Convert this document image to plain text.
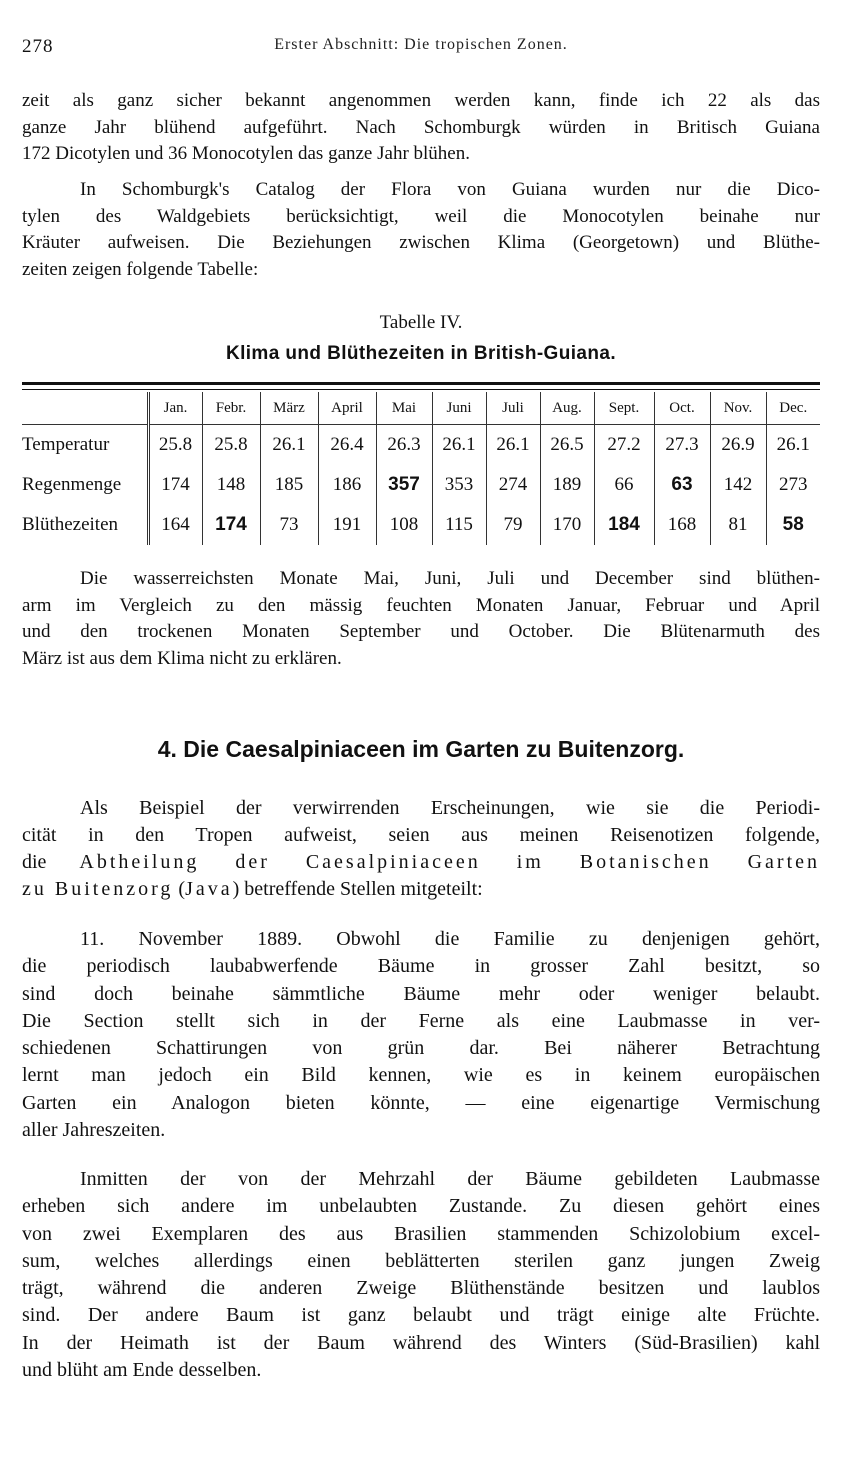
278	Erster Abschnitt: Die tropischen Zonen.
zeit als ganz sicher bekannt angenommen werden kann, finde ich 22 als das
ganze Jahr blühend aufgeführt. Nach Schomburgk würden in Britisch Guiana
172 Dicotylen und 36 Monocotylen das ganze Jahr blühen.
In Schomburgk's Catalog der Flora von Guiana wurden nur die Dico-
tylen des Waldgebiets berücksichtigt, weil die Monocotylen beinahe nur
Kräuter aufweisen. Die Beziehungen zwischen Klima (Georgetown) und Blüthe-
zeiten zeigen folgende Tabelle:
Tabelle IV.
Klima und Blüthezeiten in British-Guiana.
	Jan.	Febr.	März	April	Mai	Juni	Juli	Aug.	Sept.	Oct.	Nov.	Dec.
Temperatur	25.8	25.8	26.1	26.4	26.3	26.1	26.1	26.5	27.2	27.3	26.9	26.1
Regenmenge	174	148	185	186	357	353	274	189	66	63	142	273
Blüthezeiten	164	174	73	191	108	115	79	170	184	168	81	58
Die wasserreichsten Monate Mai, Juni, Juli und December sind blüthen-
arm im Vergleich zu den mässig feuchten Monaten Januar, Februar und April
und den trockenen Monaten September und October. Die Blütenarmuth des
März ist aus dem Klima nicht zu erklären.
4. Die Caesalpiniaceen im Garten zu Buitenzorg.
Als Beispiel der verwirrenden Erscheinungen, wie sie die Periodi-
cität in den Tropen aufweist, seien aus meinen Reisenotizen folgende,
die Abtheilung der Caesalpiniaceen im Botanischen Garten
zu Buitenzorg (Java) betreffende Stellen mitgeteilt:
11. November 1889. Obwohl die Familie zu denjenigen gehört,
die periodisch laubabwerfende Bäume in grosser Zahl besitzt, so
sind doch beinahe sämmtliche Bäume mehr oder weniger belaubt.
Die Section stellt sich in der Ferne als eine Laubmasse in ver-
schiedenen Schattirungen von grün dar. Bei näherer Betrachtung
lernt man jedoch ein Bild kennen, wie es in keinem europäischen
Garten ein Analogon bieten könnte, — eine eigenartige Vermischung
aller Jahreszeiten.
Inmitten der von der Mehrzahl der Bäume gebildeten Laubmasse
erheben sich andere im unbelaubten Zustande. Zu diesen gehört eines
von zwei Exemplaren des aus Brasilien stammenden Schizolobium excel-
sum, welches allerdings einen beblätterten sterilen ganz jungen Zweig
trägt, während die anderen Zweige Blüthenstände besitzen und laublos
sind. Der andere Baum ist ganz belaubt und trägt einige alte Früchte.
In der Heimath ist der Baum während des Winters (Süd-Brasilien) kahl
und blüht am Ende desselben.
